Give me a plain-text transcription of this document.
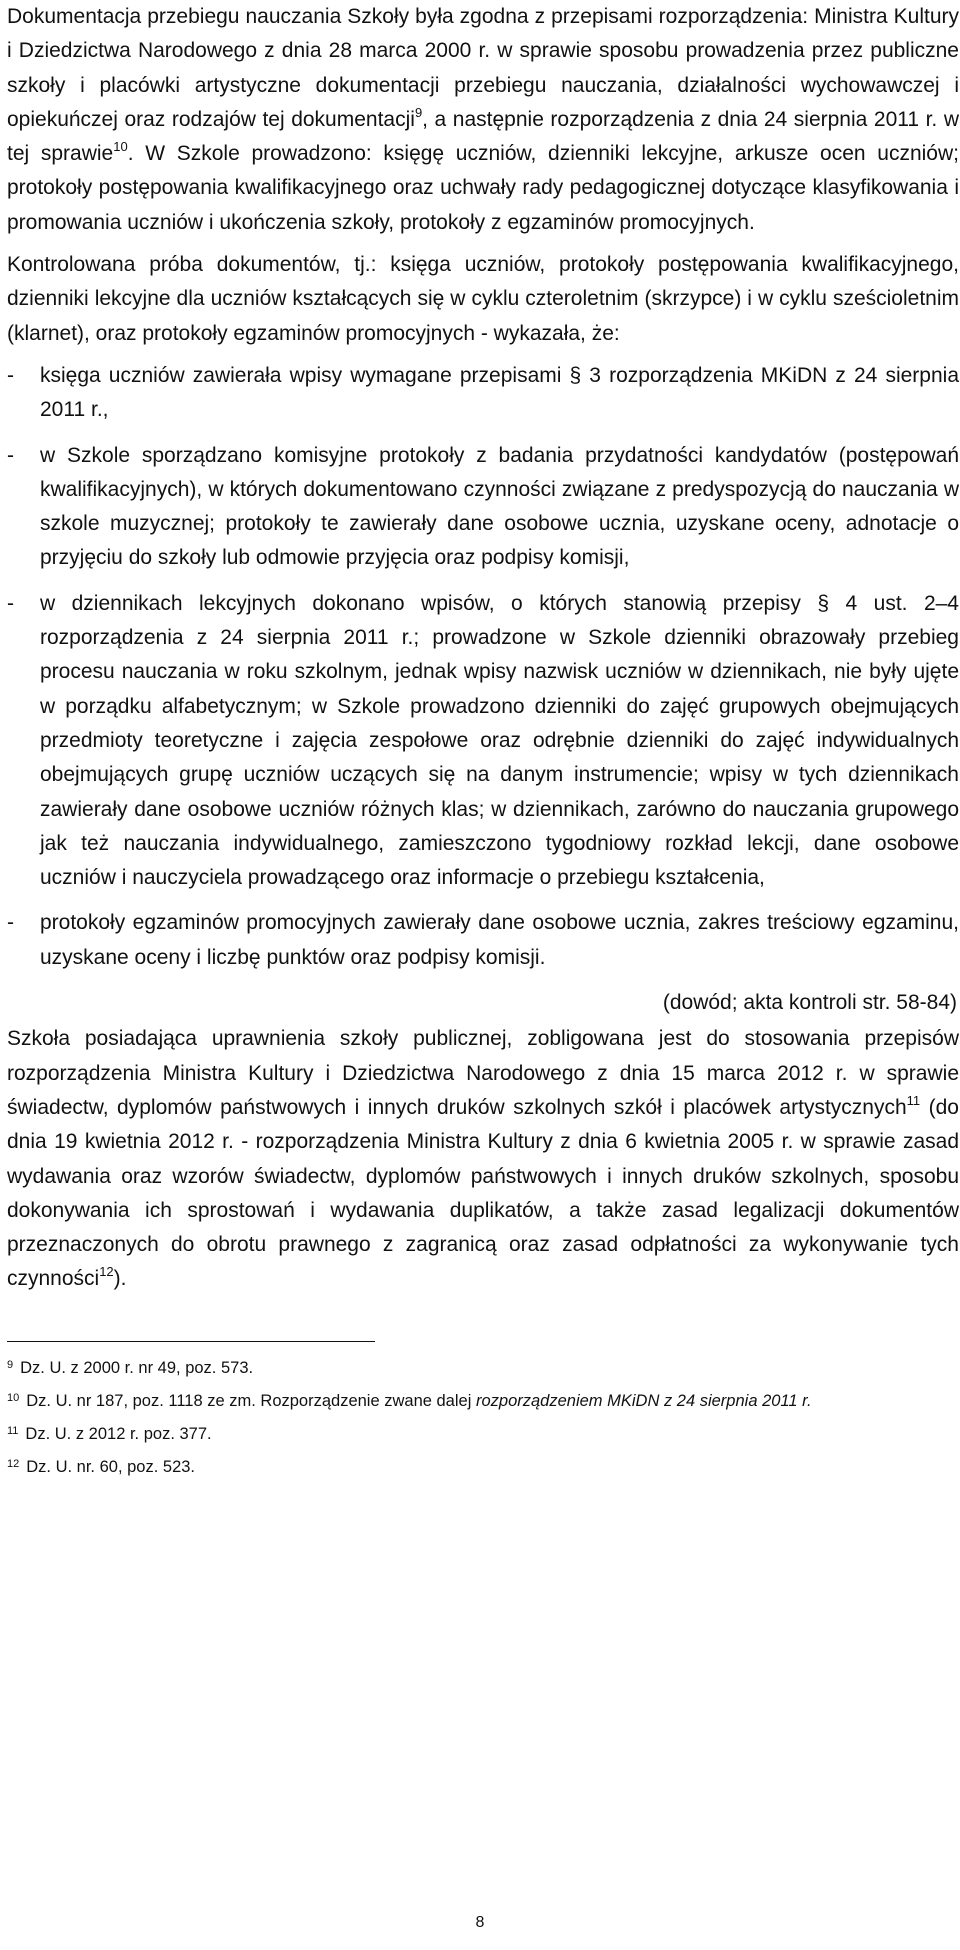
Dokumentacja przebiegu nauczania Szkoły była zgodna z przepisami rozporządzenia: Ministra Kultury i Dziedzictwa Narodowego z dnia 28 marca 2000 r. w sprawie sposobu prowadzenia przez publiczne szkoły i placówki artystyczne dokumentacji przebiegu nauczania, działalności wychowawczej i opiekuńczej oraz rodzajów tej dokumentacji$^9$, a następnie rozporządzenia z dnia 24 sierpnia 2011 r. w tej sprawie$^{10}$. W Szkole prowadzono: księgę uczniów, dzienniki lekcyjne, arkusze ocen uczniów; protokoły postępowania kwalifikacyjnego oraz uchwały rady pedagogicznej dotyczące klasyfikowania i promowania uczniów i ukończenia szkoły, protokoły z egzaminów promocyjnych.

Kontrolowana próba dokumentów, tj.: księga uczniów, protokoły postępowania kwalifikacyjnego, dzienniki lekcyjne dla uczniów kształcących się w cyklu czteroletnim (skrzypce) i w cyklu sześcioletnim (klarnet), oraz protokoły egzaminów promocyjnych - wykazała, że:

- księga uczniów zawierała wpisy wymagane przepisami § 3 rozporządzenia MKiDN z 24 sierpnia 2011 r.,
- w Szkole sporządzano komisyjne protokoły z badania przydatności kandydatów (postępowań kwalifikacyjnych), w których dokumentowano czynności związane z predyspozycją do nauczania w szkole muzycznej; protokoły te zawierały dane osobowe ucznia, uzyskane oceny, adnotacje o przyjęciu do szkoły lub odmowie przyjęcia oraz podpisy komisji,
- w dziennikach lekcyjnych dokonano wpisów, o których stanowią przepisy § 4 ust. 2–4 rozporządzenia z 24 sierpnia 2011 r.; prowadzone w Szkole dzienniki obrazowały przebieg procesu nauczania w roku szkolnym, jednak wpisy nazwisk uczniów w dziennikach, nie były ujęte w porządku alfabetycznym; w Szkole prowadzono dzienniki do zajęć grupowych obejmujących przedmioty teoretyczne i zajęcia zespołowe oraz odrębnie dzienniki do zajęć indywidualnych obejmujących grupę uczniów uczących się na danym instrumencie; wpisy w tych dziennikach zawierały dane osobowe uczniów różnych klas; w dziennikach, zarówno do nauczania grupowego jak też nauczania indywidualnego, zamieszczono tygodniowy rozkład lekcji, dane osobowe uczniów i nauczyciela prowadzącego oraz informacje o przebiegu kształcenia,
- protokoły egzaminów promocyjnych zawierały dane osobowe ucznia, zakres treściowy egzaminu, uzyskane oceny i liczbę punktów oraz podpisy komisji.

(dowód; akta kontroli str. 58-84)

Szkoła posiadająca uprawnienia szkoły publicznej, zobligowana jest do stosowania przepisów rozporządzenia Ministra Kultury i Dziedzictwa Narodowego z dnia 15 marca 2012 r. w sprawie świadectw, dyplomów państwowych i innych druków szkolnych szkół i placówek artystycznych$^{11}$ (do dnia 19 kwietnia 2012 r. - rozporządzenia Ministra Kultury z dnia 6 kwietnia 2005 r. w sprawie zasad wydawania oraz wzorów świadectw, dyplomów państwowych i innych druków szkolnych, sposobu dokonywania ich sprostowań i wydawania duplikatów, a także zasad legalizacji dokumentów przeznaczonych do obrotu prawnego z zagranicą oraz zasad odpłatności za wykonywanie tych czynności$^{12}$).

$^9$ Dz. U. z 2000 r. nr 49, poz. 573.

$^{10}$ Dz. U. nr 187, poz. 1118 ze zm. Rozporządzenie zwane dalej rozporządzeniem MKiDN z 24 sierpnia 2011 r.

$^{11}$ Dz. U. z 2012 r. poz. 377.

$^{12}$ Dz. U. nr. 60, poz. 523.

8
